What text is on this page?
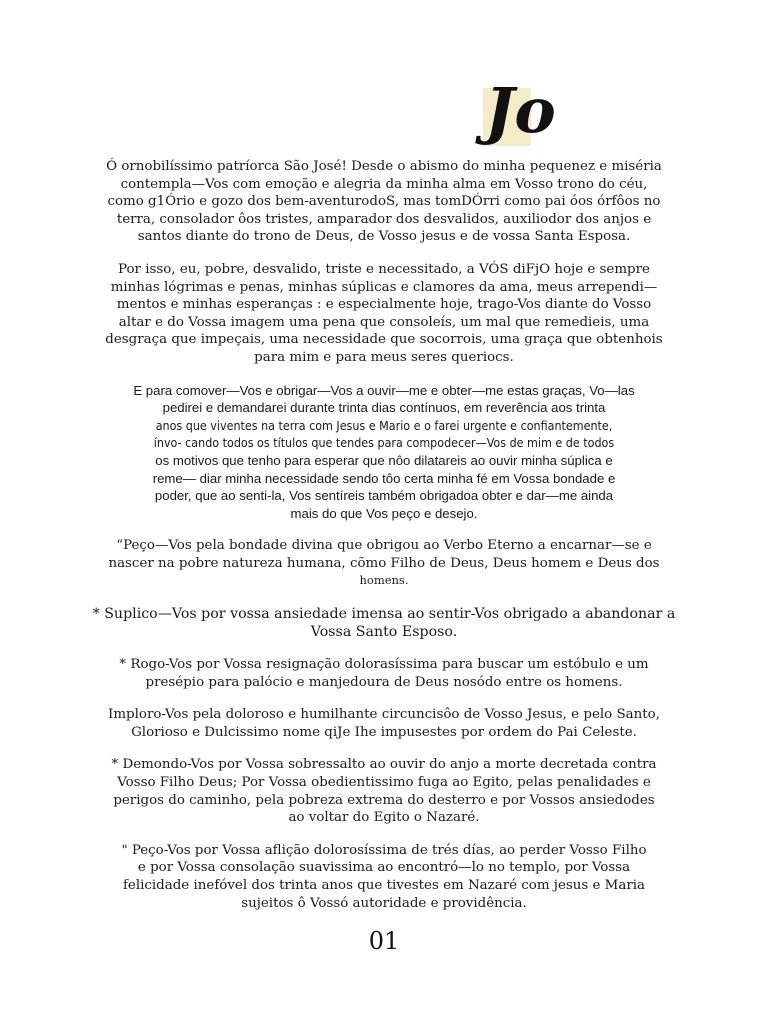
Jo
Ó ornobilíssimo patríorca São José! Desde o abismo do minha pequenez e miséria
contempla—Vos com emoção e alegria da minha alma em Vosso trono do céu,
como g1Ório e gozo dos bem-aventurodoS, mas tomDÓrri como pai óos órfôos no
terra, consolador ôos tristes, amparador dos desvalidos, auxiliodor dos anjos e
santos diante do trono de Deus, de Vosso jesus e de vossa Santa Esposa.
Por isso, eu, pobre, desvalido, triste e necessitado, a VÓS diFjO hoje e sempre
minhas lógrimas e penas, minhas súplicas e clamores da ama, meus arrependi—
mentos e minhas esperanças : e especialmente hoje, trago-Vos diante do Vosso
altar e do Vossa imagem uma pena que consoleís, um mal que remedieis, uma
desgraça que impeçais, uma necessidade que socorrois, uma graça que obtenhois
para mim e para meus seres queriocs.
E para comover—Vos e obrigar—Vos a ouvir—me e obter—me estas graças, Vo—las
pedirei e demandarei durante trinta dias contínuos, em reverência aos trinta
anos que viventes na terra com Jesus e Mario e o farei urgente e confiantemente,
ínvo- cando todos os títulos que tendes para compodecer—Vos de mim e de todos
os motivos que tenho para esperar que nôo dilatareis ao ouvir minha súplica e
reme— diar minha necessidade sendo tôo certa minha fé em Vossa bondade e
poder, que ao senti-la, Vos sentíreis também obrigadoa obter e dar—me ainda
mais do que Vos peço e desejo.
“Peço—Vos pela bondade divina que obrigou ao Verbo Eterno a encarnar—se e
nascer na pobre natureza humana, cõmo Filho de Deus, Deus homem e Deus dos
homens.
* Suplico—Vos por vossa ansiedade imensa ao sentir-Vos obrigado a abandonar a
Vossa Santo Esposo.
* Rogo-Vos por Vossa resignação dolorasíssima para buscar um estóbulo e um
presépio para palócio e manjedoura de Deus nosódo entre os homens.
Imploro-Vos pela doloroso e humilhante circuncisôo de Vosso Jesus, e pelo Santo,
Glorioso e Dulcissimo nome qiJe Ihe impusestes por ordem do Pai Celeste.
* Demondo-Vos por Vossa sobressalto ao ouvir do anjo a morte decretada contra
Vosso Filho Deus; Por Vossa obedientissimo fuga ao Egito, pelas penalidades e
perigos do caminho, pela pobreza extrema do desterro e por Vossos ansiedodes
ao voltar do Egito o Nazaré.
" Peço-Vos por Vossa aflição dolorosíssima de trés días, ao perder Vosso Filho
e por Vossa consolação suavissima ao encontró—lo no templo, por Vossa
felicidade inefóvel dos trinta anos que tivestes em Nazaré com jesus e Maria
sujeitos ô Vossó autoridade e providência.
01
